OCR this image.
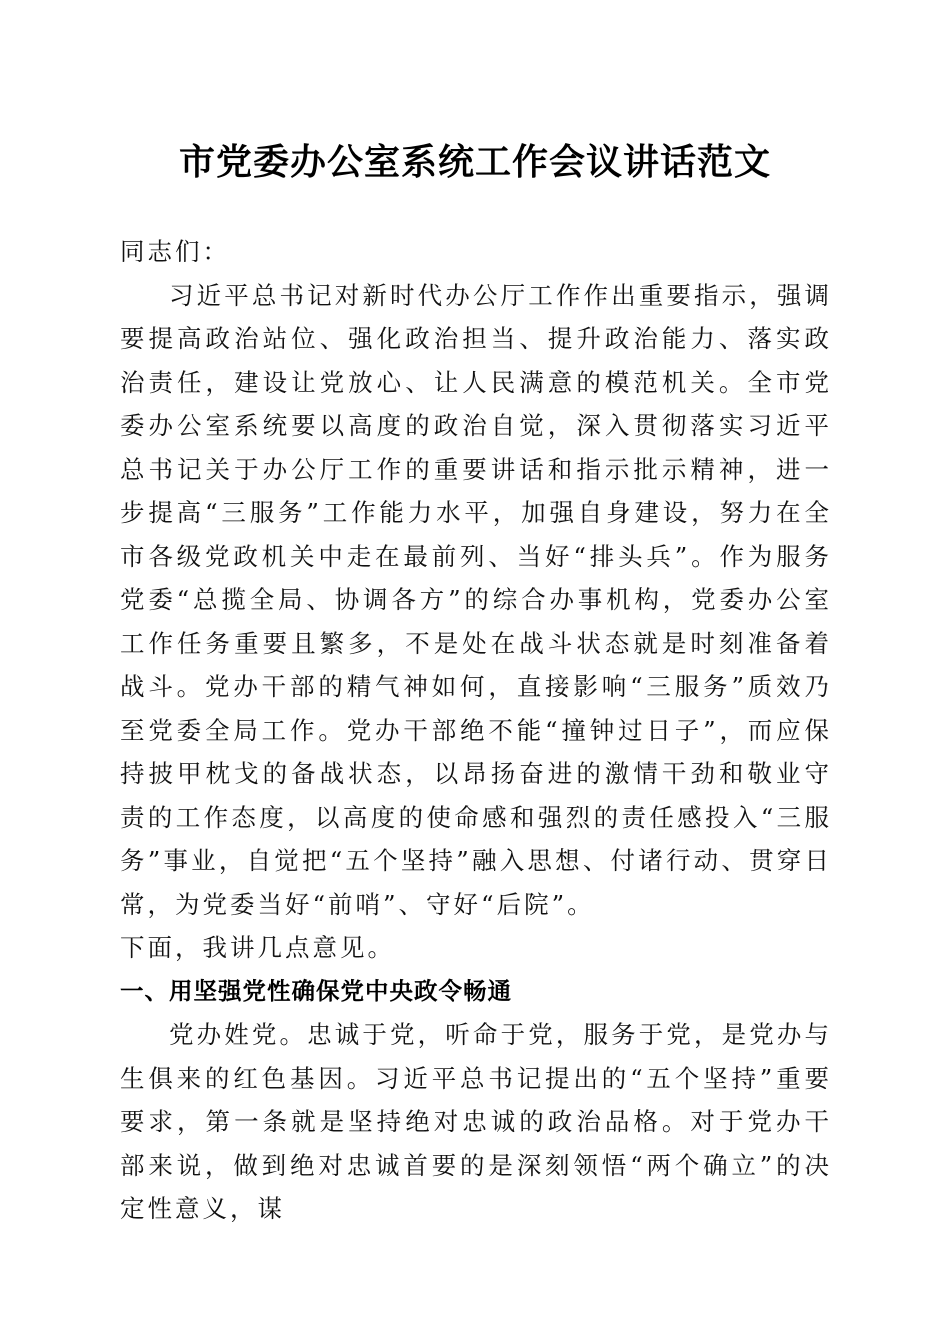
市党委办公室系统工作会议讲话范文

同志们：

习近平总书记对新时代办公厅工作作出重要指示，强调要提高政治站位、强化政治担当、提升政治能力、落实政治责任，建设让党放心、让人民满意的模范机关。全市党委办公室系统要以高度的政治自觉，深入贯彻落实习近平总书记关于办公厅工作的重要讲话和指示批示精神，进一步提高“三服务”工作能力水平，加强自身建设，努力在全市各级党政机关中走在最前列、当好“排头兵”。作为服务党委“总揽全局、协调各方”的综合办事机构，党委办公室工作任务重要且繁多，不是处在战斗状态就是时刻准备着战斗。党办干部的精气神如何，直接影响“三服务”质效乃至党委全局工作。党办干部绝不能“撞钟过日子”，而应保持披甲枕戈的备战状态，以昂扬奋进的激情干劲和敬业守责的工作态度，以高度的使命感和强烈的责任感投入“三服务”事业，自觉把“五个坚持”融入思想、付诸行动、贯穿日常，为党委当好“前哨”、守好“后院”。

下面，我讲几点意见。

一、用坚强党性确保党中央政令畅通

党办姓党。忠诚于党，听命于党，服务于党，是党办与生俱来的红色基因。习近平总书记提出的“五个坚持”重要要求，第一条就是坚持绝对忠诚的政治品格。对于党办干部来说，做到绝对忠诚首要的是深刻领悟“两个确立”的决定性意义，谋
